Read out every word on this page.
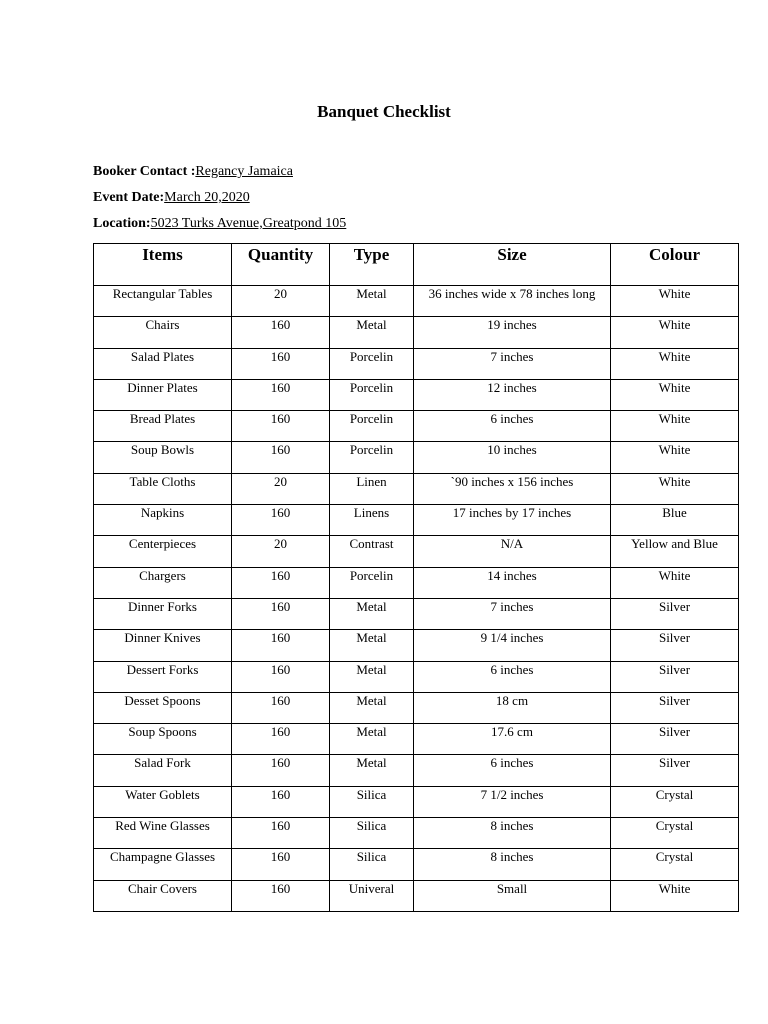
Banquet Checklist
Booker Contact :Regancy Jamaica
Event Date:March 20,2020
Location:5023 Turks Avenue,Greatpond 105
Items	Quantity	Type	Size	Colour
Rectangular Tables	20	Metal	36 inches wide x 78 inches long	White
Chairs	160	Metal	19 inches	White
Salad Plates	160	Porcelin	7 inches	White
Dinner Plates	160	Porcelin	12 inches	White
Bread Plates	160	Porcelin	6 inches	White
Soup Bowls	160	Porcelin	10 inches	White
Table Cloths	20	Linen	`90 inches x 156 inches	White
Napkins	160	Linens	17 inches by 17 inches	Blue
Centerpieces	20	Contrast	N/A	Yellow and Blue
Chargers	160	Porcelin	14 inches	White
Dinner Forks	160	Metal	7 inches	Silver
Dinner Knives	160	Metal	9 1/4 inches	Silver
Dessert Forks	160	Metal	6 inches	Silver
Desset Spoons	160	Metal	18 cm	Silver
Soup Spoons	160	Metal	17.6 cm	Silver
Salad Fork	160	Metal	6 inches	Silver
Water Goblets	160	Silica	7 1/2 inches	Crystal
Red Wine Glasses	160	Silica	8 inches	Crystal
Champagne Glasses	160	Silica	8 inches	Crystal
Chair Covers	160	Univeral	Small	White
